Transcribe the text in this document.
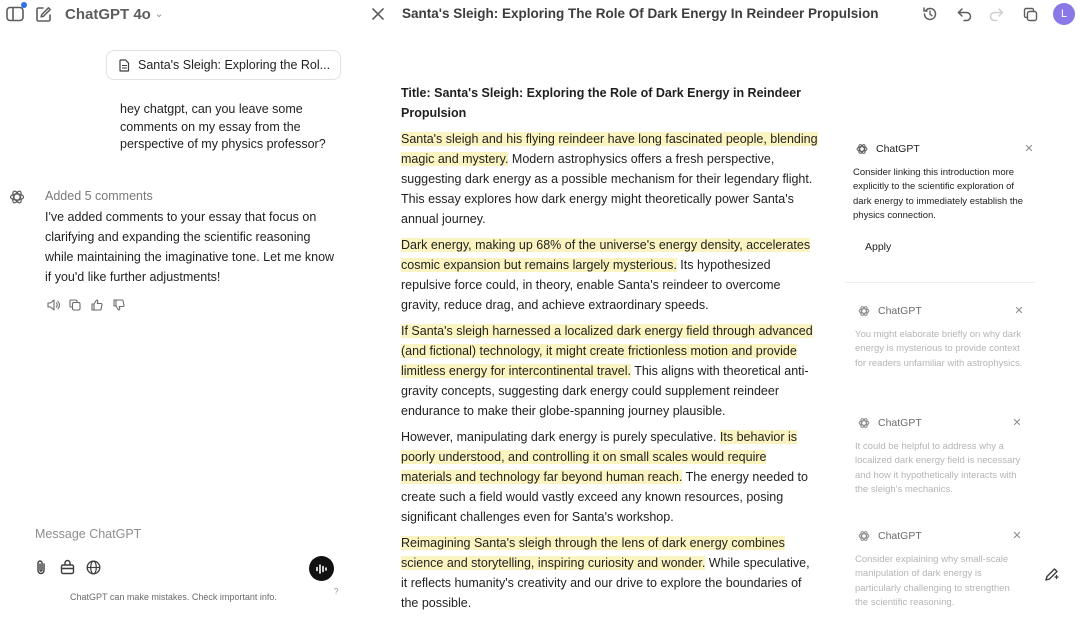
ChatGPT 4o ⌄
Santa's Sleigh: Exploring the Rol...
hey chatgpt, can you leave some comments on my essay from the perspective of my physics professor?
Added 5 comments
I've added comments to your essay that focus on clarifying and expanding the scientific reasoning while maintaining the imaginative tone. Let me know if you'd like further adjustments!
Message ChatGPT
ChatGPT can make mistakes. Check important info.
?
Santa's Sleigh: Exploring The Role Of Dark Energy In Reindeer Propulsion	L
Title: Santa's Sleigh: Exploring the Role of Dark Energy in Reindeer Propulsion

Santa's sleigh and his flying reindeer have long fascinated people, blending magic and mystery. Modern astrophysics offers a fresh perspective, suggesting dark energy as a possible mechanism for their legendary flight. This essay explores how dark energy might theoretically power Santa's annual journey.

Dark energy, making up 68% of the universe's energy density, accelerates cosmic expansion but remains largely mysterious. Its hypothesized repulsive force could, in theory, enable Santa's reindeer to overcome gravity, reduce drag, and achieve extraordinary speeds.

If Santa's sleigh harnessed a localized dark energy field through advanced (and fictional) technology, it might create frictionless motion and provide limitless energy for intercontinental travel. This aligns with theoretical anti-gravity concepts, suggesting dark energy could supplement reindeer endurance to make their globe-spanning journey plausible.

However, manipulating dark energy is purely speculative. Its behavior is poorly understood, and controlling it on small scales would require materials and technology far beyond human reach. The energy needed to create such a field would vastly exceed any known resources, posing significant challenges even for Santa's workshop.

Reimagining Santa's sleigh through the lens of dark energy combines science and storytelling, inspiring curiosity and wonder. While speculative, it reflects humanity's creativity and our drive to explore the boundaries of the possible.

ChatGPT	✕
Consider linking this introduction more explicitly to the scientific exploration of dark energy to immediately establish the physics connection.
Apply
ChatGPT	✕
You might elaborate briefly on why dark energy is mysterious to provide context for readers unfamiliar with astrophysics.
ChatGPT	✕
It could be helpful to address why a localized dark energy field is necessary and how it hypothetically interacts with the sleigh's mechanics.
ChatGPT	✕
Consider explaining why small-scale manipulation of dark energy is particularly challenging to strengthen the scientific reasoning.
